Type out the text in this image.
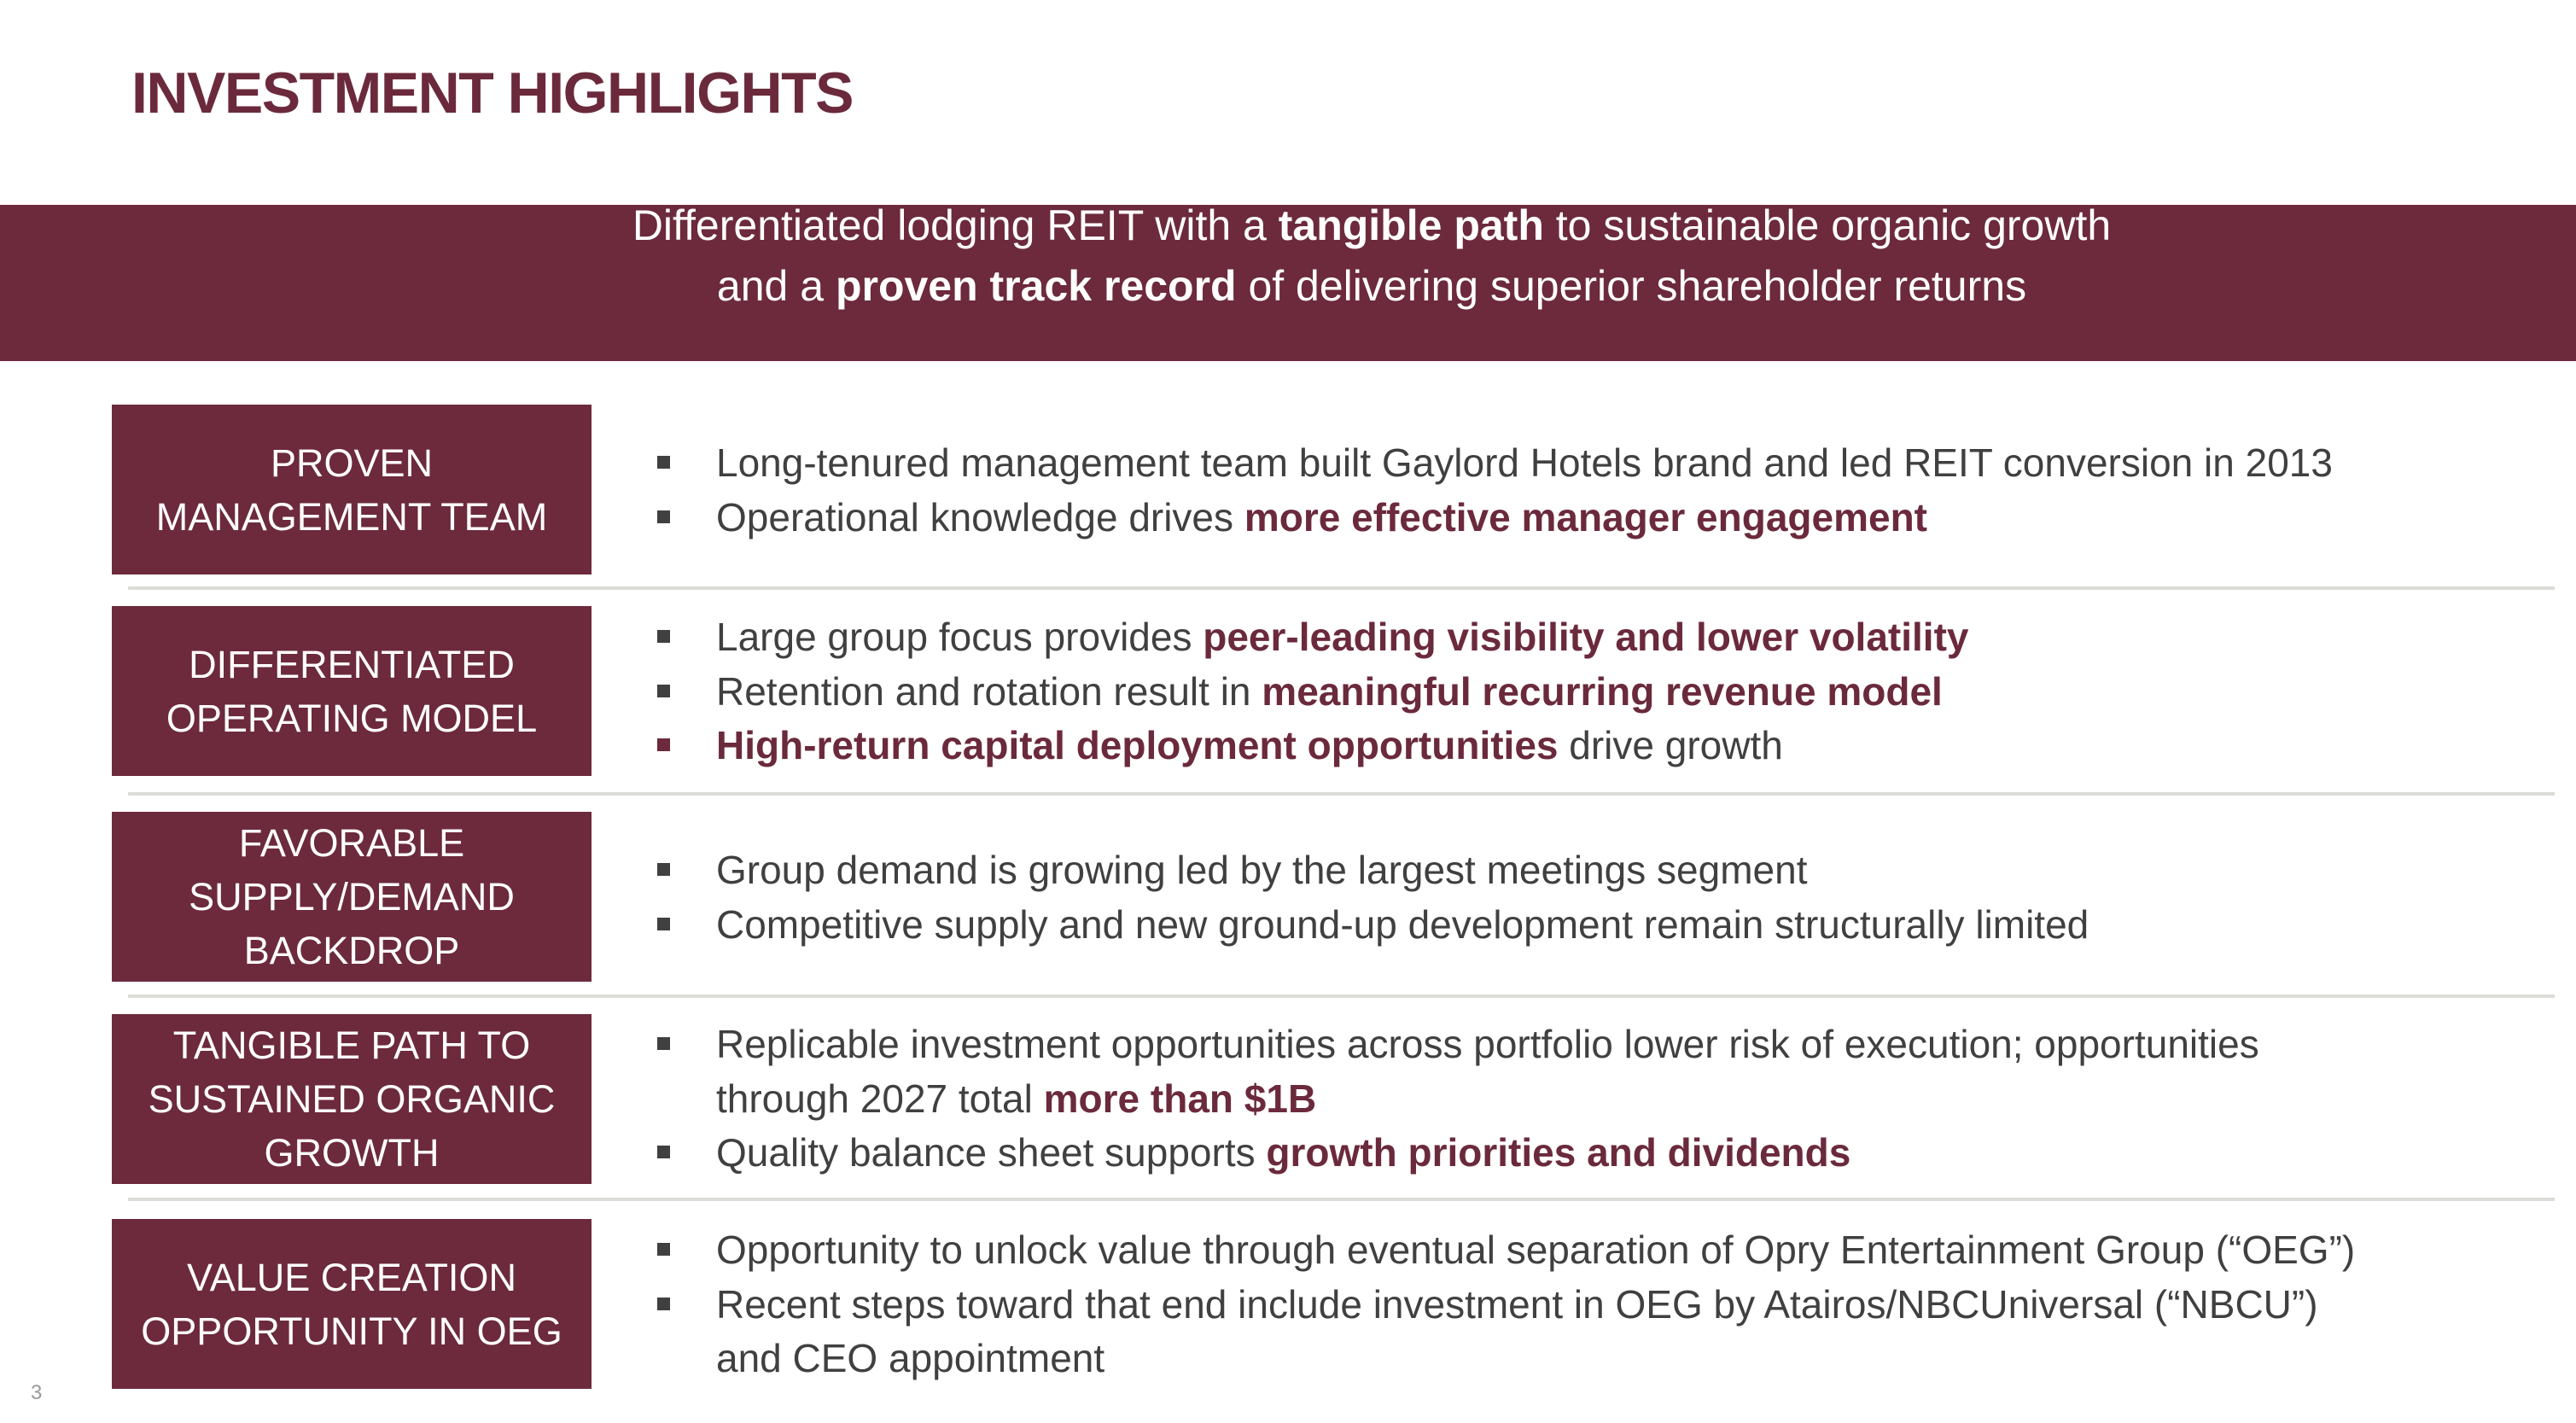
INVESTMENT HIGHLIGHTS
Differentiated lodging REIT with a tangible path to sustainable organic growth
and a proven track record of delivering superior shareholder returns
PROVEN
MANAGEMENT TEAM
Long-tenured management team built Gaylord Hotels brand and led REIT conversion in 2013
Operational knowledge drives more effective manager engagement
DIFFERENTIATED
OPERATING MODEL
Large group focus provides peer-leading visibility and lower volatility
Retention and rotation result in meaningful recurring revenue model
High-return capital deployment opportunities drive growth
FAVORABLE
SUPPLY/DEMAND
BACKDROP
Group demand is growing led by the largest meetings segment
Competitive supply and new ground-up development remain structurally limited
TANGIBLE PATH TO
SUSTAINED ORGANIC
GROWTH
Replicable investment opportunities across portfolio lower risk of execution; opportunities
through 2027 total more than $1B
Quality balance sheet supports growth priorities and dividends
VALUE CREATION
OPPORTUNITY IN OEG
Opportunity to unlock value through eventual separation of Opry Entertainment Group (“OEG”)
Recent steps toward that end include investment in OEG by Atairos/NBCUniversal (“NBCU”)
and CEO appointment
3
